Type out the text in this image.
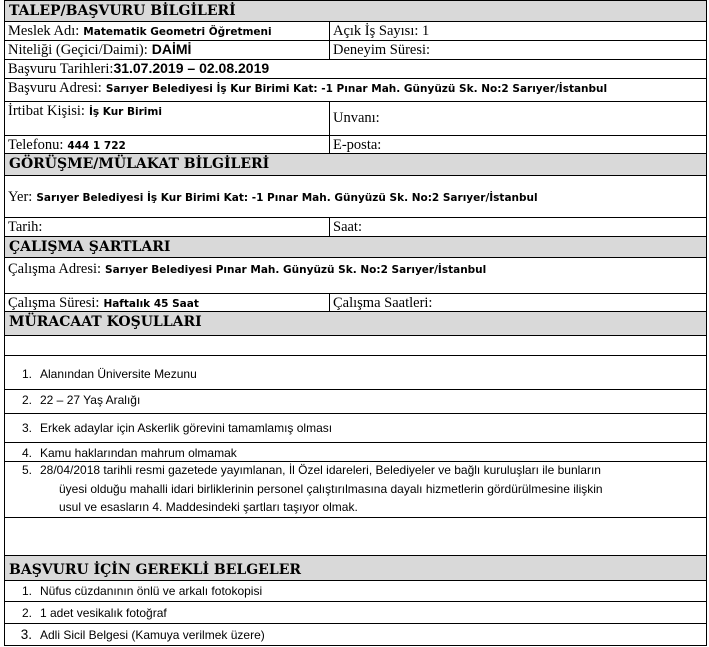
TALEP/BAŞVURU BİLGİLERİ
Meslek Adı: Matematik Geometri Öğretmeni	Açık İş Sayısı: 1
Niteliği (Geçici/Daimi): DAİMİ	Deneyim Süresi:
Başvuru Tarihleri:31.07.2019 – 02.08.2019
Başvuru Adresi: Sarıyer Belediyesi İş Kur Birimi Kat: -1 Pınar Mah. Günyüzü Sk. No:2 Sarıyer/İstanbul
İrtibat Kişisi: İş Kur Birimi	Unvanı:
Telefonu: 444 1 722	E-posta:
GÖRÜŞME/MÜLAKAT BİLGİLERİ
Yer: Sarıyer Belediyesi İş Kur Birimi Kat: -1 Pınar Mah. Günyüzü Sk. No:2 Sarıyer/İstanbul
Tarih:	Saat:
ÇALIŞMA ŞARTLARI
Çalışma Adresi: Sarıyer Belediyesi Pınar Mah. Günyüzü Sk. No:2 Sarıyer/İstanbul
Çalışma Süresi: Haftalık 45 Saat	Çalışma Saatleri:
MÜRACAAT KOŞULLARI
1. Alanından Üniversite Mezunu
2. 22 – 27 Yaş Aralığı
3. Erkek adaylar için Askerlik görevini tamamlamış olması
4. Kamu haklarından mahrum olmamak
5. 28/04/2018 tarihli resmi gazetede yayımlanan, İl Özel idareleri, Belediyeler ve bağlı kuruluşları ile bunların
üyesi olduğu mahalli idari birliklerinin personel çalıştırılmasına dayalı hizmetlerin gördürülmesine ilişkin
usul ve esasların 4. Maddesindeki şartları taşıyor olmak.
BAŞVURU İÇİN GEREKLİ BELGELER
1. Nüfus cüzdanının önlü ve arkalı fotokopisi
2. 1 adet vesikalık fotoğraf
3. Adli Sicil Belgesi (Kamuya verilmek üzere)
